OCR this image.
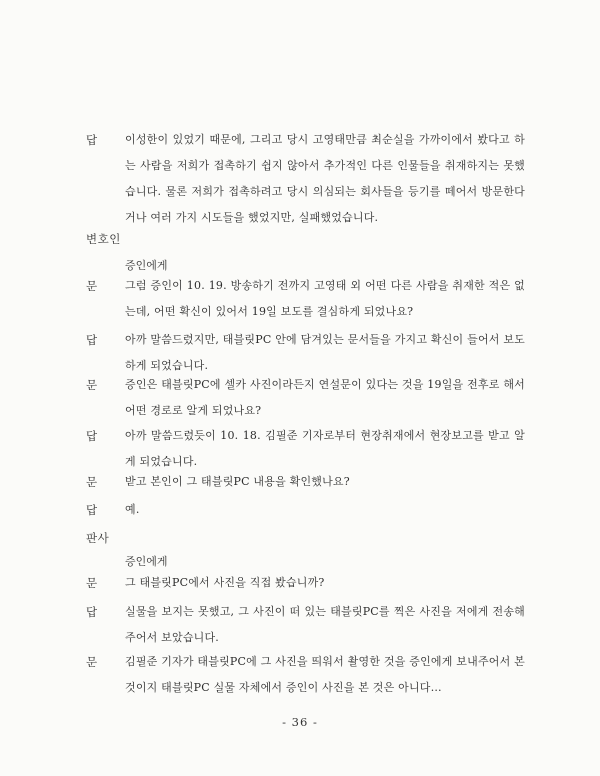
답 이성한이 있었기 때문에, 그리고 당시 고영태만큼 최순실을 가까이에서 봤다고 하는 사람을 저희가 접촉하기 쉽지 않아서 추가적인 다른 인물들을 취재하지는 못했습니다. 물론 저희가 접촉하려고 당시 의심되는 회사들을 등기를 떼어서 방문한다거나 여러 가지 시도들을 했었지만, 실패했었습니다.
변호인
증인에게
문 그럼 증인이 10. 19. 방송하기 전까지 고영태 외 어떤 다른 사람을 취재한 적은 없는데, 어떤 확신이 있어서 19일 보도를 결심하게 되었나요?
답 아까 말씀드렸지만, 태블릿PC 안에 담겨있는 문서들을 가지고 확신이 들어서 보도하게 되었습니다.
문 증인은 태블릿PC에 셀카 사진이라든지 연설문이 있다는 것을 19일을 전후로 해서 어떤 경로로 알게 되었나요?
답 아까 말씀드렸듯이 10. 18. 김필준 기자로부터 현장취재에서 현장보고를 받고 알게 되었습니다.
문 받고 본인이 그 태블릿PC 내용을 확인했나요?
답 예.
판사
증인에게
문 그 태블릿PC에서 사진을 직접 봤습니까?
답 실물을 보지는 못했고, 그 사진이 떠 있는 태블릿PC를 찍은 사진을 저에게 전송해 주어서 보았습니다.
문 김필준 기자가 태블릿PC에 그 사진을 띄워서 촬영한 것을 증인에게 보내주어서 본 것이지 태블릿PC 실물 자체에서 증인이 사진을 본 것은 아니다…
- 36 -
